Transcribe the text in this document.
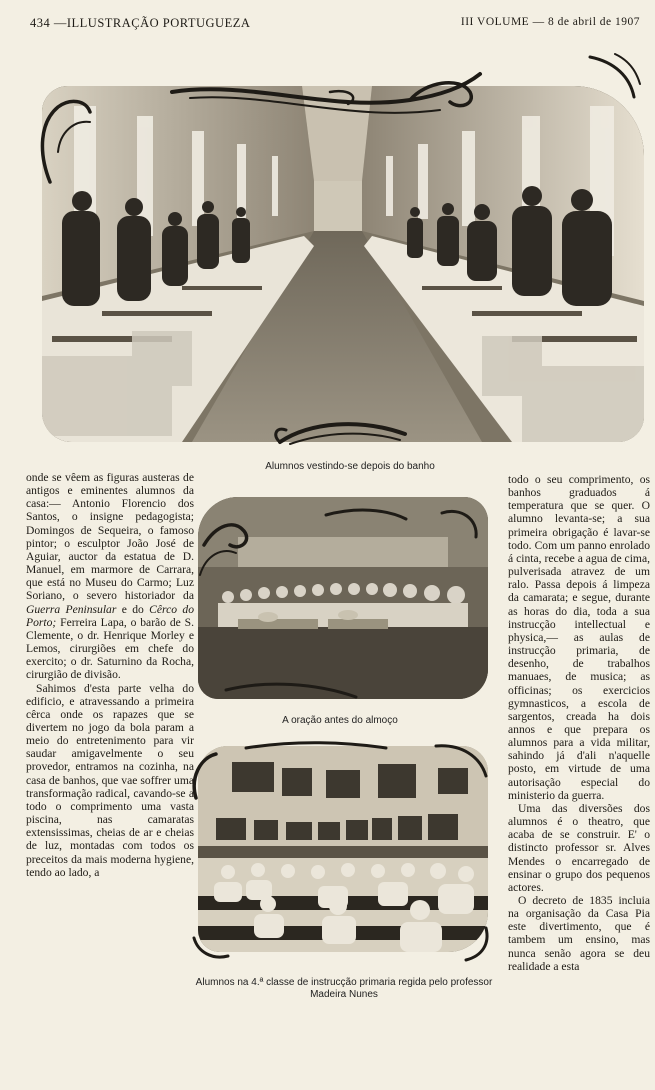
434 —ILLUSTRAÇÃO PORTUGUEZA	III VOLUME — 8 de abril de 1907
Alumnos vestindo-se depois do banho

onde se vêem as figuras austeras de antigos e eminentes alumnos da casa:— Antonio Florencio dos Santos, o insigne pedagogista; Domingos de Sequeira, o famoso pintor; o esculptor João José de Aguiar, auctor da estatua de D. Manuel, em marmore de Carrara, que está no Museu do Carmo; Luz Soriano, o severo historiador da Guerra Peninsular e do Cêrco do Porto; Ferreira Lapa, o barão de S. Clemente, o dr. Henrique Morley e Lemos, cirurgiões em chefe do exercito; o dr. Saturnino da Rocha, cirurgião de divisão.

Sahimos d'esta parte velha do edificio, e atravessando a primeira cêrca onde os rapazes que se divertem no jogo da bola param a meio do entretenimento para vir saudar amigavelmente o seu provedor, entramos na cozinha, na casa de banhos, que vae soffrer uma transformação radical, cavando-se a todo o comprimento uma vasta piscina, nas camaratas extensissimas, cheias de ar e cheias de luz, montadas com todos os preceitos da mais moderna hygiene, tendo ao lado, a

A oração antes do almoço
Alumnos na 4.ª classe de instrucção primaria regida pelo professor Madeira Nunes

todo o seu comprimento, os banhos graduados á temperatura que se quer. O alumno levanta-se; a sua primeira obrigação é lavar-se todo. Com um panno enrolado á cinta, recebe a agua de cima, pulverisada atravez de um ralo. Passa depois á limpeza da camarata; e segue, durante as horas do dia, toda a sua instrucção intellectual e physica,— as aulas de instrucção primaria, de desenho, de trabalhos manuaes, de musica; as officinas; os exercicios gymnasticos, a escola de sargentos, creada ha dois annos e que prepara os alumnos para a vida militar, sahindo já d'ali n'aquelle posto, em virtude de uma autorisação especial do ministerio da guerra.

Uma das diversões dos alumnos é o theatro, que acaba de se construir. E' o distincto professor sr. Alves Mendes o encarregado de ensinar o grupo dos pequenos actores.

O decreto de 1835 incluia na organisação da Casa Pia este divertimento, que é tambem um ensino, mas nunca senão agora se deu realidade a esta
